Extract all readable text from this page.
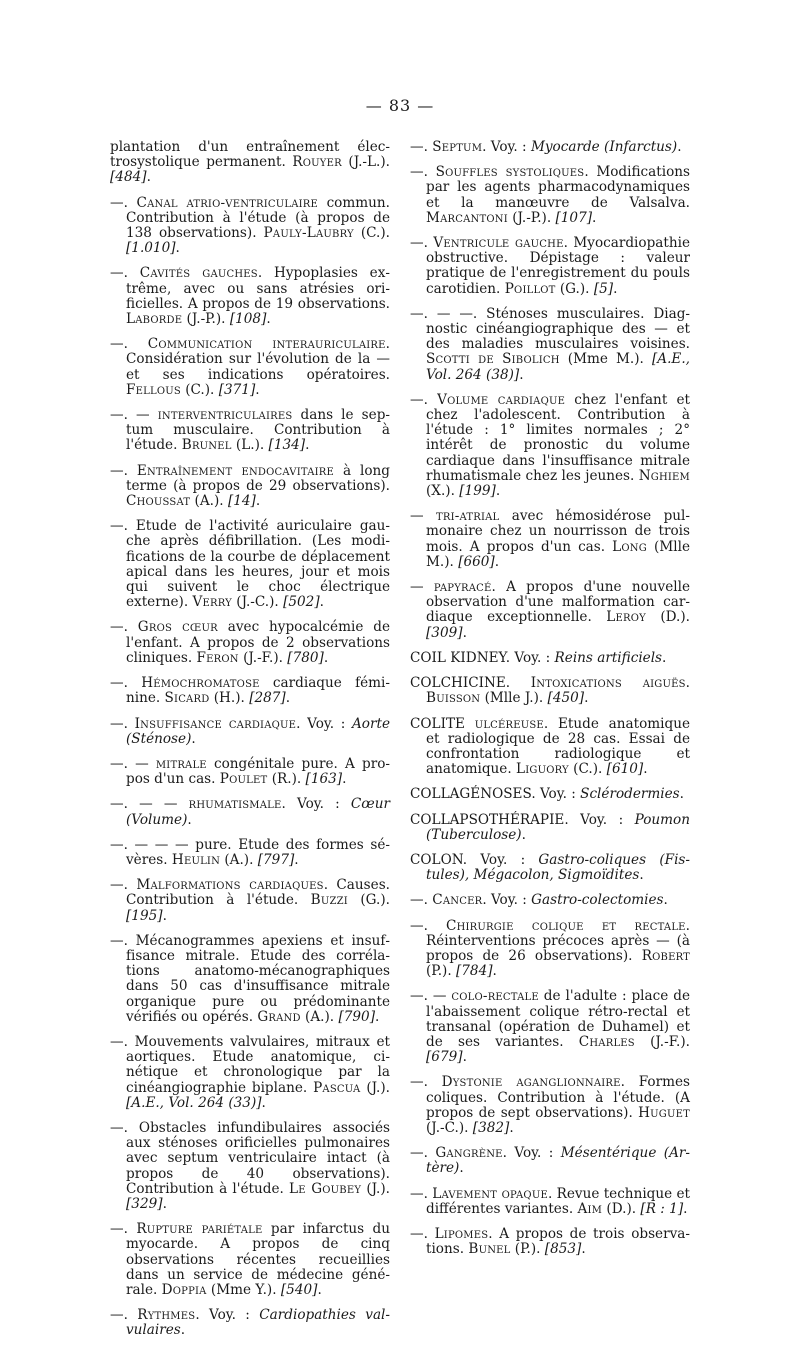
— 83 —

plantation d'un entraînement électrosystolique permanent. Rouyer (J.-L.). [484].

—. Canal atrio-ventriculaire commun. Contribution à l'étude (à propos de 138 observations). Pauly-Laubry (C.). [1.010].

—. Cavités gauches. Hypoplasies extrême, avec ou sans atrésies orificielles. A propos de 19 observations. Laborde (J.-P.). [108].

—. Communication interauriculaire. Considération sur l'évolution de la — et ses indications opératoires. Fellous (C.). [371].

—. — interventriculaires dans le septum musculaire. Contribution à l'étude. Brunel (L.). [134].

—. Entraînement endocavitaire à long terme (à propos de 29 observations). Choussat (A.). [14].

—. Etude de l'activité auriculaire gauche après défibrillation. (Les modifications de la courbe de déplacement apical dans les heures, jour et mois qui suivent le choc électrique externe). Verry (J.-C.). [502].

—. Gros cœur avec hypocalcémie de l'enfant. A propos de 2 observations cliniques. Feron (J.-F.). [780].

—. Hémochromatose cardiaque féminine. Sicard (H.). [287].

—. Insuffisance cardiaque. Voy. : Aorte (Sténose).

—. — mitrale congénitale pure. A propos d'un cas. Poulet (R.). [163].

—. — — rhumatismale. Voy. : Cœur (Volume).

—. — — — pure. Etude des formes sévères. Heulin (A.). [797].

—. Malformations cardiaques. Causes. Contribution à l'étude. Buzzi (G.). [195].

—. Mécanogrammes apexiens et insuffisance mitrale. Etude des corrélations anatomo-mécanographiques dans 50 cas d'insuffisance mitrale organique pure ou prédominante vérifiés ou opérés. Grand (A.). [790].

—. Mouvements valvulaires, mitraux et aortiques. Etude anatomique, cinétique et chronologique par la cinéangiographie biplane. Pascua (J.). [A.E., Vol. 264 (33)].

—. Obstacles infundibulaires associés aux sténoses orificielles pulmonaires avec septum ventriculaire intact (à propos de 40 observations). Contribution à l'étude. Le Goubey (J.). [329].

—. Rupture pariétale par infarctus du myocarde. A propos de cinq observations récentes recueillies dans un service de médecine générale. Doppia (Mme Y.). [540].

—. Rythmes. Voy. : Cardiopathies valvulaires.

—. Septum. Voy. : Myocarde (Infarctus).

—. Souffles systoliques. Modifications par les agents pharmacodynamiques et la manœuvre de Valsalva. Marcantoni (J.-P.). [107].

—. Ventricule gauche. Myocardiopathie obstructive. Dépistage : valeur pratique de l'enregistrement du pouls carotidien. Poillot (G.). [5].

—. — —. Sténoses musculaires. Diagnostic cinéangiographique des — et des maladies musculaires voisines. Scotti de Sibolich (Mme M.). [A.E., Vol. 264 (38)].

—. Volume cardiaque chez l'enfant et chez l'adolescent. Contribution à l'étude : 1° limites normales ; 2° intérêt de pronostic du volume cardiaque dans l'insuffisance mitrale rhumatismale chez les jeunes. Nghiem (X.). [199].

— tri-atrial avec hémosidérose pulmonaire chez un nourrisson de trois mois. A propos d'un cas. Long (Mlle M.). [660].

— papyracé. A propos d'une nouvelle observation d'une malformation cardiaque exceptionnelle. Leroy (D.). [309].

COIL KIDNEY. Voy. : Reins artificiels.

COLCHICINE. Intoxications aiguës. Buisson (Mlle J.). [450].

COLITE ulcéreuse. Etude anatomique et radiologique de 28 cas. Essai de confrontation radiologique et anatomique. Liguory (C.). [610].

COLLAGÉNOSES. Voy. : Sclérodermies.

COLLAPSOTHÉRAPIE. Voy. : Poumon (Tuberculose).

COLON. Voy. : Gastro-coliques (Fistules), Mégacolon, Sigmoïdites.

—. Cancer. Voy. : Gastro-colectomies.

—. Chirurgie colique et rectale. Réinterventions précoces après — (à propos de 26 observations). Robert (P.). [784].

—. — colo-rectale de l'adulte : place de l'abaissement colique rétro-rectal et transanal (opération de Duhamel) et de ses variantes. Charles (J.-F.). [679].

—. Dystonie aganglionnaire. Formes coliques. Contribution à l'étude. (A propos de sept observations). Huguet (J.-C.). [382].

—. Gangrène. Voy. : Mésentérique (Artère).

—. Lavement opaque. Revue technique et différentes variantes. Aim (D.). [R : 1].

—. Lipomes. A propos de trois observations. Bunel (P.). [853].
